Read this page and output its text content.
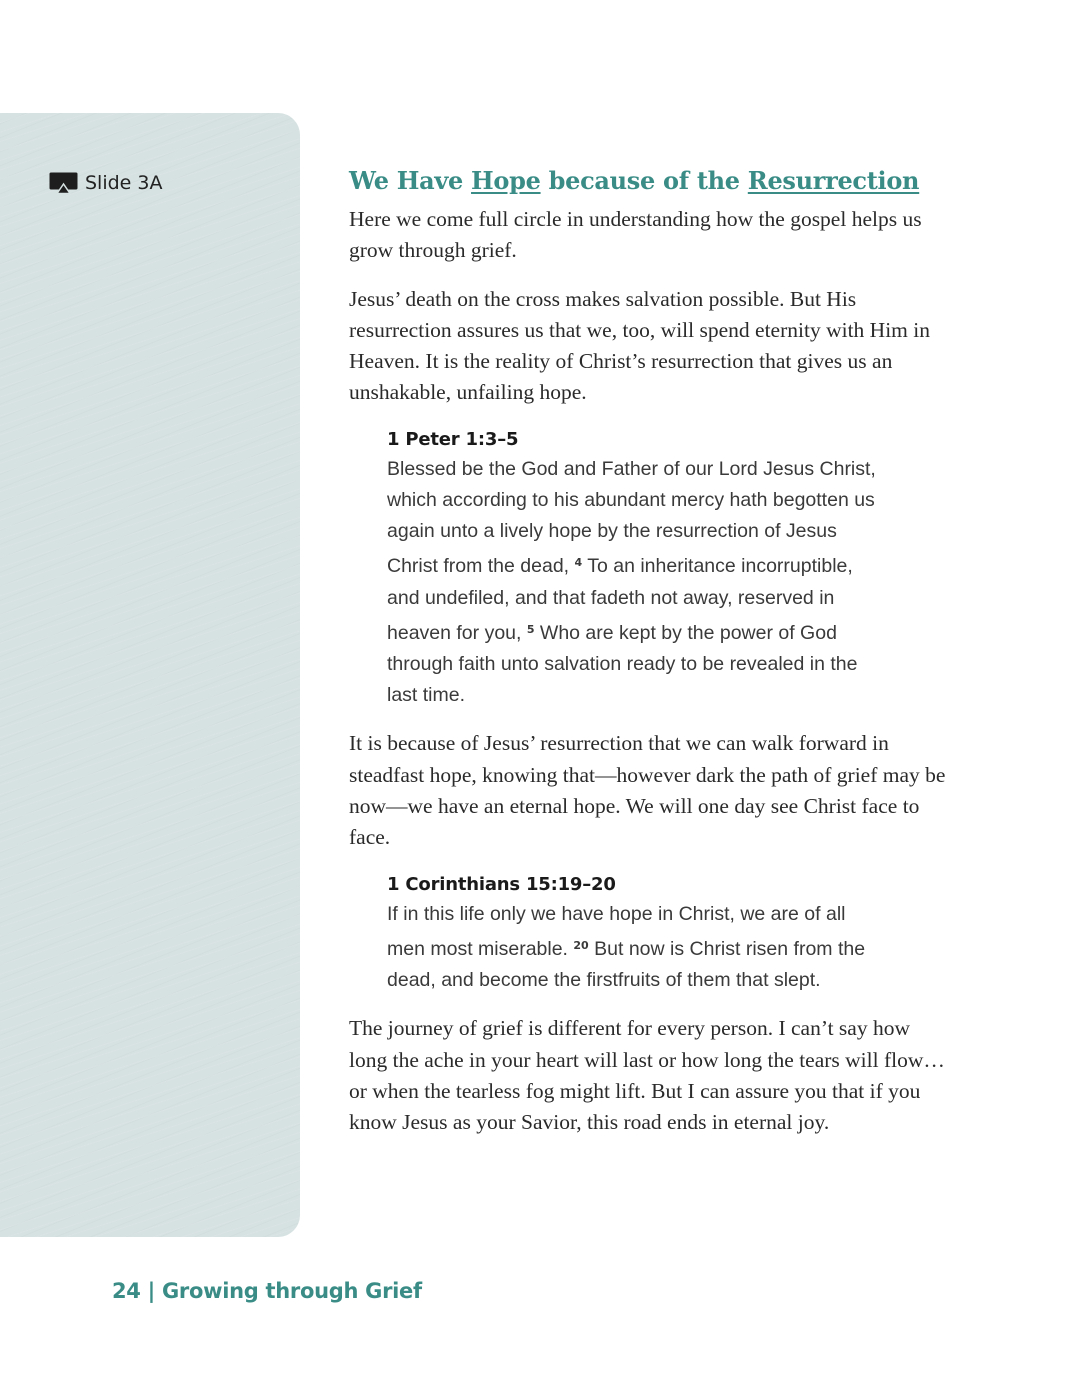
Slide 3A	We Have Hope because of the Resurrection

Here we come full circle in understanding how the gospel helps us grow through grief.

Jesus’ death on the cross makes salvation possible. But His resurrection assures us that we, too, will spend eternity with Him in Heaven. It is the reality of Christ’s resurrection that gives us an unshakable, unfailing hope.

1 Peter 1:3–5
Blessed be the God and Father of our Lord Jesus Christ, which according to his abundant mercy hath begotten us again unto a lively hope by the resurrection of Jesus Christ from the dead, $^4$ To an inheritance incorruptible, and undefiled, and that fadeth not away, reserved in heaven for you, $^5$ Who are kept by the power of God through faith unto salvation ready to be revealed in the last time.

It is because of Jesus’ resurrection that we can walk forward in steadfast hope, knowing that—however dark the path of grief may be now—we have an eternal hope. We will one day see Christ face to face.

1 Corinthians 15:19–20
If in this life only we have hope in Christ, we are of all men most miserable. $^{20}$ But now is Christ risen from the dead, and become the firstfruits of them that slept.

The journey of grief is different for every person. I can’t say how long the ache in your heart will last or how long the tears will flow…or when the tearless fog might lift. But I can assure you that if you know Jesus as your Savior, this road ends in eternal joy.

24 | Growing through Grief
